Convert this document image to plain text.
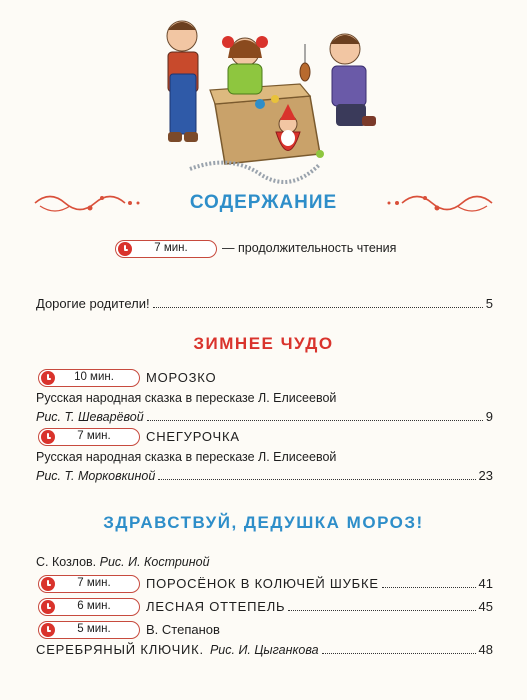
СОДЕРЖАНИЕ
7 мин.	— продолжительность чтения
Дорогие родители!	5
ЗИМНЕЕ ЧУДО
10 мин.	МОРОЗКО
Русская народная сказка в пересказе Л. Елисеевой
Рис. Т. Шеварёвой	9
7 мин.	СНЕГУРОЧКА
Русская народная сказка в пересказе Л. Елисеевой
Рис. Т. Морковкиной	23
ЗДРАВСТВУЙ, ДЕДУШКА МОРОЗ!
С. Козлов. Рис. И. Костриной
7 мин.	ПОРОСЁНОК В КОЛЮЧЕЙ ШУБКЕ	41
6 мин.	ЛЕСНАЯ ОТТЕПЕЛЬ	45
5 мин.	В. Степанов
СЕРЕБРЯНЫЙ КЛЮЧИК. Рис. И. Цыганкова	48
